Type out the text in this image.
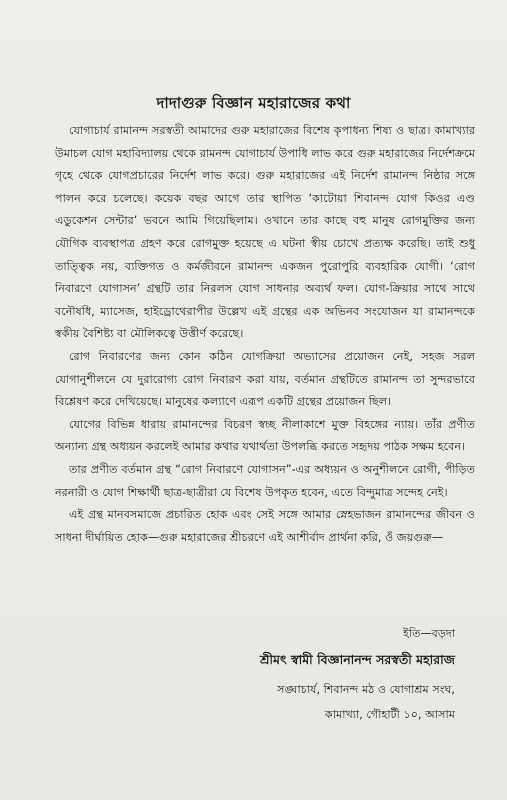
দাদাগুরু বিজ্ঞান মহারাজের কথা

যোগাচার্য রামানন্দ সরস্বতী আমাদের গুরু মহারাজের বিশেষ কৃপাধন্য শিষ্য ও ছাত্র। কামাখ্যার উমাচল যোগ মহাবিদ্যালয় থেকে রামনন্দ যোগাচার্য উপাধি লাভ করে গুরু মহারাজের নির্দেশক্রমে গৃহে থেকে যোগপ্রচারের নির্দেশ লাভ করে। গুরু মহারাজের এই নির্দেশ রামানন্দ নিষ্ঠার সঙ্গে পালন করে চলেছে। কয়েক বছর আগে তার স্থাপিত ‘কাটোয়া শিবানন্দ যোগ কিওর এণ্ড এডুকেশন সেন্টার’ ভবনে আমি গিয়েছিলাম। ওখানে তার কাছে বহু মানুষ রোগমুক্তির জন্য যৌগিক ব্যবস্থাপত্র গ্রহণ করে রোগমুক্ত হয়েছে এ ঘটনা স্বীয় চোখে প্রত্যক্ষ করেছি। তাই শুধু তাত্ত্বিক নয়, ব্যক্তিগত ও কর্মজীবনে রামানন্দ একজন পুরোপুরি ব্যবহারিক যোগী। ‘রোগ নিবারণে যোগাসন’ গ্রন্থটি তার নিরলস যোগ সাধনার অব্যর্থ ফল। যোগ-ক্রিয়ার সাথে সাথে বনৌষধি, ম্যাসেজ, হাইড্রোথেরাপীর উল্লেখ এই গ্রন্থের এক অভিনব সংযোজন যা রামানন্দকে স্বকীয় বৈশিষ্ট্য বা মৌলিকত্বে উত্তীর্ণ করেছে।

রোগ নিবারণের জন্য কোন কঠিন যোগক্রিয়া অভ্যাসের প্রয়োজন নেই, সহজ সরল যোগানুশীলনে যে দুরারোগ্য রোগ নিবারণ করা যায়, বর্তমান গ্রন্থটিতে রামানন্দ তা সুন্দরভাবে বিশ্লেষণ করে দেখিয়েছে। মানুষের কল্যাণে এরূপ একটি গ্রন্থের প্রয়োজন ছিল।

যোগের বিভিন্ন ধারায় রামানন্দের বিচরণ স্বচ্ছ নীলাকাশে মুক্ত বিহঙ্গের ন্যায়। তাঁর প্রণীত অন্যান্য গ্রন্থ অধ্যয়ন করলেই আমার কথার যথার্থতা উপলব্ধি করতে সহৃদয় পাঠক সক্ষম হবেন।

তার প্রণীত বর্তমান গ্রন্থ “রোগ নিবারণে যোগাসন”-এর অধ্যয়ন ও অনুশীলনে রোগী, পীড়িত নরনারী ও যোগ শিক্ষার্থী ছাত্র-ছাত্রীরা যে বিশেষ উপকৃত হবেন, এতে বিন্দুমাত্র সন্দেহ নেই।

এই গ্রন্থ মানবসমাজে প্রচারিত হোক এবং সেই সঙ্গে আমার স্নেহভাজন রামানন্দের জীবন ও সাধনা দীর্ঘায়িত হোক—গুরু মহারাজের শ্রীচরণে এই আশীর্বাদ প্রার্থনা করি, ওঁ জয়গুরু—

ইতি—বড়দা
শ্রীমৎ স্বামী বিজ্ঞানানন্দ সরস্বতী মহারাজ
সঙ্ঘাচার্য, শিবানন্দ মঠ ও যোগাশ্রম সংঘ,
কামাখ্যা, গৌহাটী ১০, আসাম
